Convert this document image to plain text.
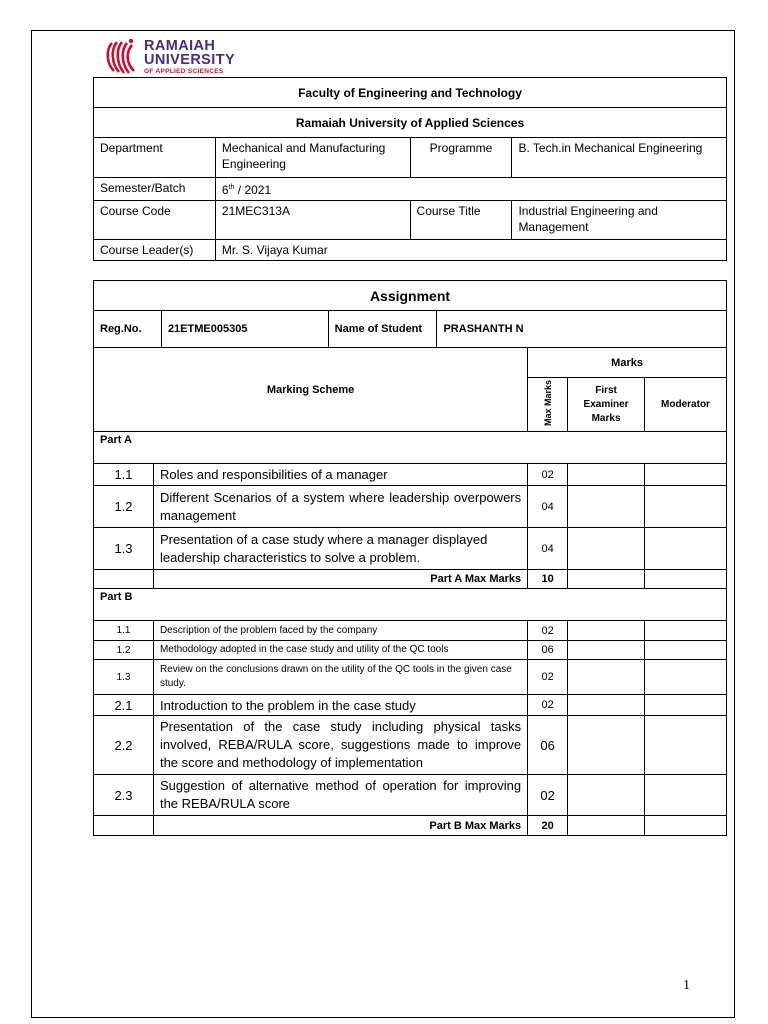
RAMAIAH
UNIVERSITY
OF APPLIED SCIENCES
Faculty of Engineering and Technology			
Ramaiah University of Applied Sciences			
Department	Mechanical and Manufacturing Engineering	Programme	B. Tech.in Mechanical Engineering
Semester/Batch	6th / 2021		
Course Code	21MEC313A	Course Title	Industrial Engineering and Management
Course Leader(s)	Mr. S. Vijaya Kumar		
Assignment							
Reg.No.		21ETME005305	Name of Student	PRASHANTH N			
Marking Scheme					Marks		
					Max Marks	First Examiner Marks	Moderator
Part A							
1.1	Roles and responsibilities of a manager				02		
1.2	Different Scenarios of a system where leadership overpowers management				04		
1.3	Presentation of a case study where a manager displayed leadership characteristics to solve a problem.				04		
	Part A Max Marks				10		
Part B							
1.1	Description of the problem faced by the company				02		
1.2	Methodology adopted in the case study and utility of the QC tools				06		
1.3	Review on the conclusions drawn on the utility of the QC tools in the given case study.				02		
2.1	Introduction to the problem in the case study				02		
2.2	Presentation of the case study including physical tasks involved, REBA/RULA score, suggestions made to improve the score and methodology of implementation				06		
2.3	Suggestion of alternative method of operation for improving the REBA/RULA score				02		
	Part B Max Marks				20		
1
